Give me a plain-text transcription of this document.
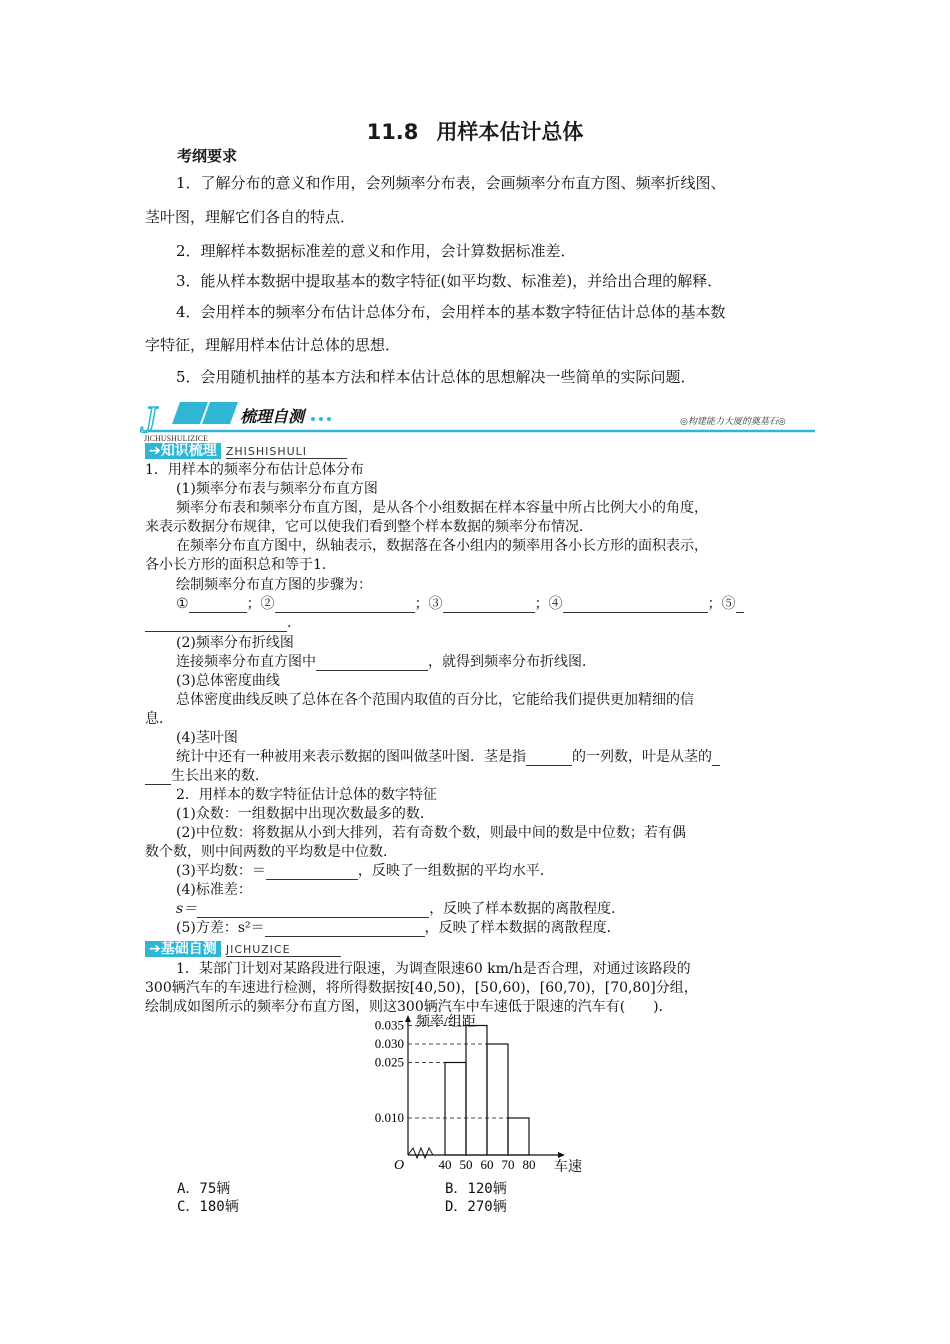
11.8 用样本估计总体
考纲要求
1．了解分布的意义和作用，会列频率分布表，会画频率分布直方图、频率折线图、
茎叶图，理解它们各自的特点．
2．理解样本数据标准差的意义和作用，会计算数据标准差．
3．能从样本数据中提取基本的数字特征(如平均数、标准差)，并给出合理的解释．
4．会用样本的频率分布估计总体分布，会用样本的基本数字特征估计总体的基本数
字特征，理解用样本估计总体的思想．
5．会用随机抽样的基本方法和样本估计总体的思想解决一些简单的实际问题．
J	梳理自测
JICHUSHULIZICE
◎构建能力大厦的奠基石◎
➔知识梳理 ZHISHISHULI
1．用样本的频率分布估计总体分布
(1)频率分布表与频率分布直方图
频率分布表和频率分布直方图，是从各个小组数据在样本容量中所占比例大小的角度，
来表示数据分布规律，它可以使我们看到整个样本数据的频率分布情况．
在频率分布直方图中，纵轴表示，数据落在各小组内的频率用各小长方形的面积表示，
各小长方形的面积总和等于1.
绘制频率分布直方图的步骤为：
①	；②	；③	；④	；⑤
.
(2)频率分布折线图
连接频率分布直方图中	，就得到频率分布折线图．
(3)总体密度曲线
总体密度曲线反映了总体在各个范围内取值的百分比，它能给我们提供更加精细的信
息．
(4)茎叶图
统计中还有一种被用来表示数据的图叫做茎叶图．茎是指	的一列数，叶是从茎的
生长出来的数．
2．用样本的数字特征估计总体的数字特征
(1)众数：一组数据中出现次数最多的数．
(2)中位数：将数据从小到大排列，若有奇数个数，则最中间的数是中位数；若有偶
数个数，则中间两数的平均数是中位数．
(3)平均数：＝	，反映了一组数据的平均水平．
(4)标准差：
s＝	，反映了样本数据的离散程度．
(5)方差：s²＝	，反映了样本数据的离散程度．
➔基础自测 JICHUZICE
1．某部门计划对某路段进行限速，为调查限速60 km/h是否合理，对通过该路段的
300辆汽车的车速进行检测，将所得数据按[40,50)，[50,60)，[60,70)，[70,80]分组，
绘制成如图所示的频率分布直方图，则这300辆汽车中车速低于限速的汽车有(　　)．
0.035
0.030
0.025
0.010
40 50 60 70 80
O	车速
频率/组距
A．75辆	B．120辆
C．180辆	D．270辆
